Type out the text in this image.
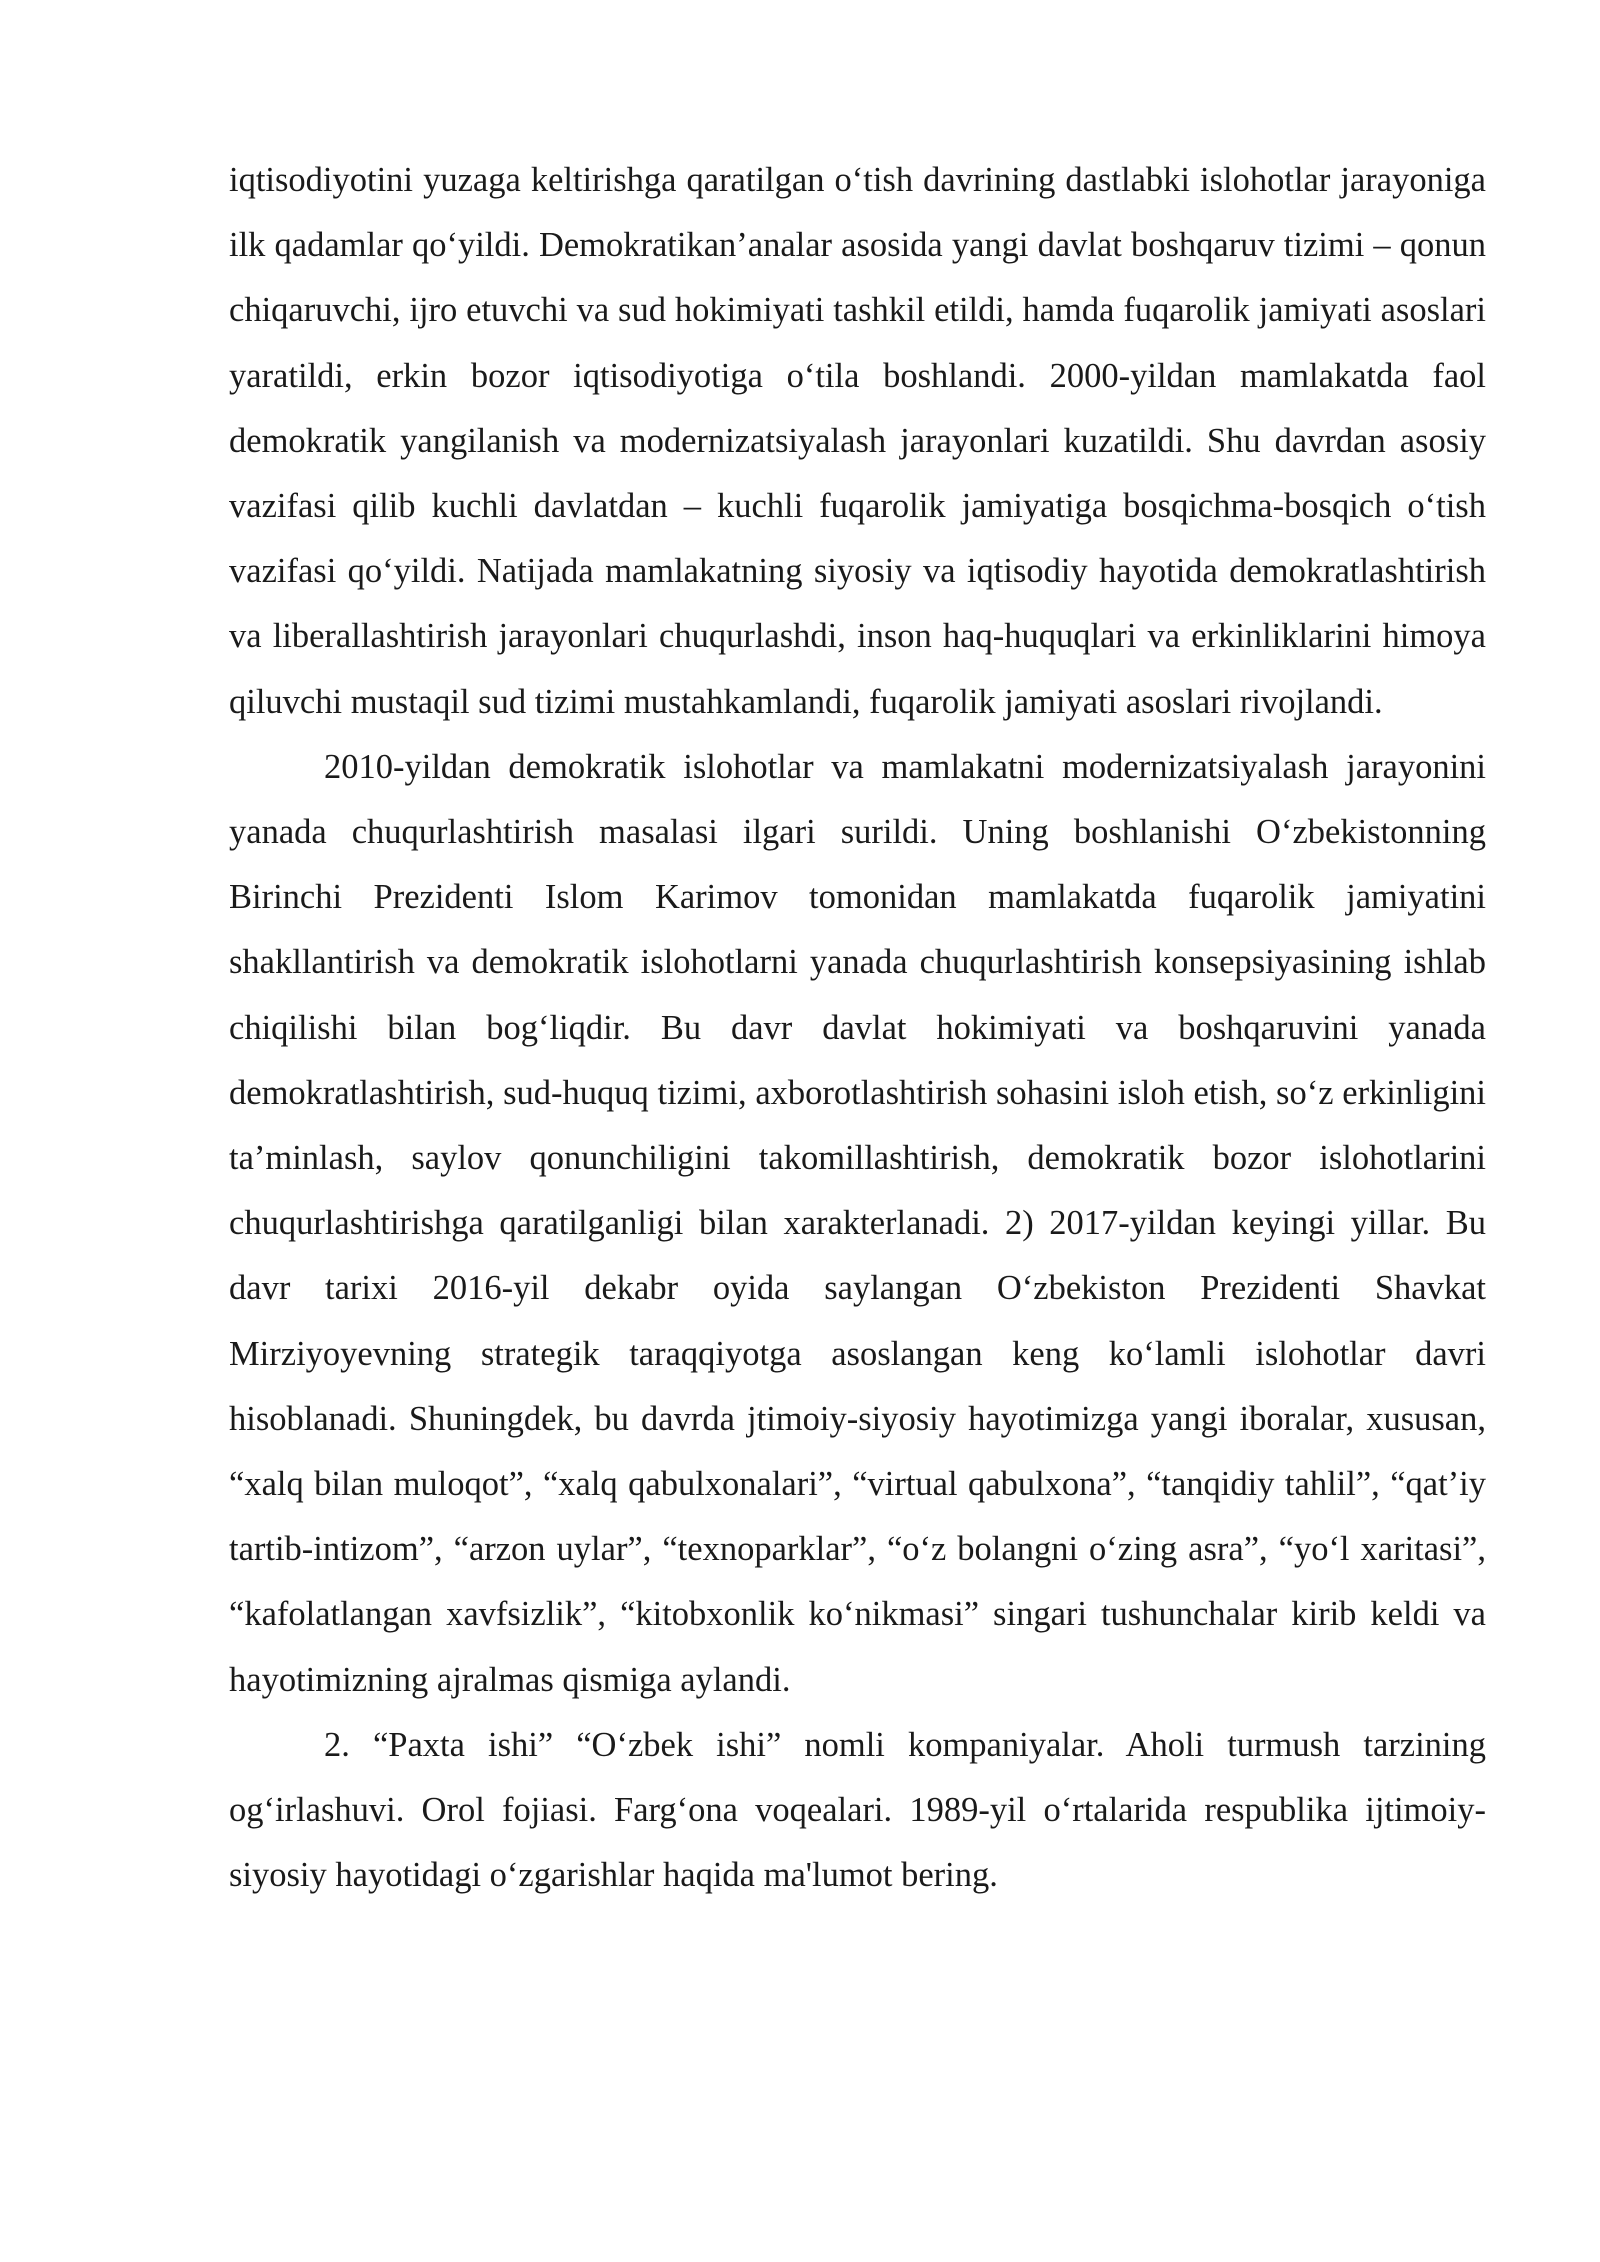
iqtisodiyotini yuzaga keltirishga qaratilgan o‘tish davrining dastlabki islohotlar jarayoniga ilk qadamlar qo‘yildi. Demokratikan’analar asosida yangi davlat boshqaruv tizimi – qonun chiqaruvchi, ijro etuvchi va sud hokimiyati tashkil etildi, hamda fuqarolik jamiyati asoslari yaratildi, erkin bozor iqtisodiyotiga o‘tila boshlandi. 2000-yildan mamlakatda faol demokratik yangilanish va modernizatsiyalash jarayonlari kuzatildi. Shu davrdan asosiy vazifasi qilib kuchli davlatdan – kuchli fuqarolik jamiyatiga bosqichma-bosqich o‘tish vazifasi qo‘yildi. Natijada mamlakatning siyosiy va iqtisodiy hayotida demokratlashtirish va liberallashtirish jarayonlari chuqurlashdi, inson haq-huquqlari va erkinliklarini himoya qiluvchi mustaqil sud tizimi mustahkamlandi, fuqarolik jamiyati asoslari rivojlandi.

2010-yildan demokratik islohotlar va mamlakatni modernizatsiyalash jarayonini yanada chuqurlashtirish masalasi ilgari surildi. Uning boshlanishi O‘zbekistonning Birinchi Prezidenti Islom Karimov tomonidan mamlakatda fuqarolik jamiyatini shakllantirish va demokratik islohotlarni yanada chuqurlashtirish konsepsiyasining ishlab chiqilishi bilan bog‘liqdir. Bu davr davlat hokimiyati va boshqaruvini yanada demokratlashtirish, sud-huquq tizimi, axborotlashtirish sohasini isloh etish, so‘z erkinligini ta’minlash, saylov qonunchiligini takomillashtirish, demokratik bozor islohotlarini chuqurlashtirishga qaratilganligi bilan xarakterlanadi. 2) 2017-yildan keyingi yillar. Bu davr tarixi 2016-yil dekabr oyida saylangan O‘zbekiston Prezidenti Shavkat Mirziyoyevning strategik taraqqiyotga asoslangan keng ko‘lamli islohotlar davri hisoblanadi. Shuningdek, bu davrda jtimoiy-siyosiy hayotimizga yangi iboralar, xususan, “xalq bilan muloqot”, “xalq qabulxonalari”, “virtual qabulxona”, “tanqidiy tahlil”, “qat’iy tartib-intizom”, “arzon uylar”, “texnoparklar”, “o‘z bolangni o‘zing asra”, “yo‘l xaritasi”, “kafolatlangan xavfsizlik”, “kitobxonlik ko‘nikmasi” singari tushunchalar kirib keldi va hayotimizning ajralmas qismiga aylandi.

2. “Paxta ishi” “O‘zbek ishi” nomli kompaniyalar. Aholi turmush tarzining og‘irlashuvi. Orol fojiasi. Farg‘ona voqealari. 1989-yil o‘rtalarida respublika ijtimoiy-siyosiy hayotidagi o‘zgarishlar haqida ma'lumot bering.
